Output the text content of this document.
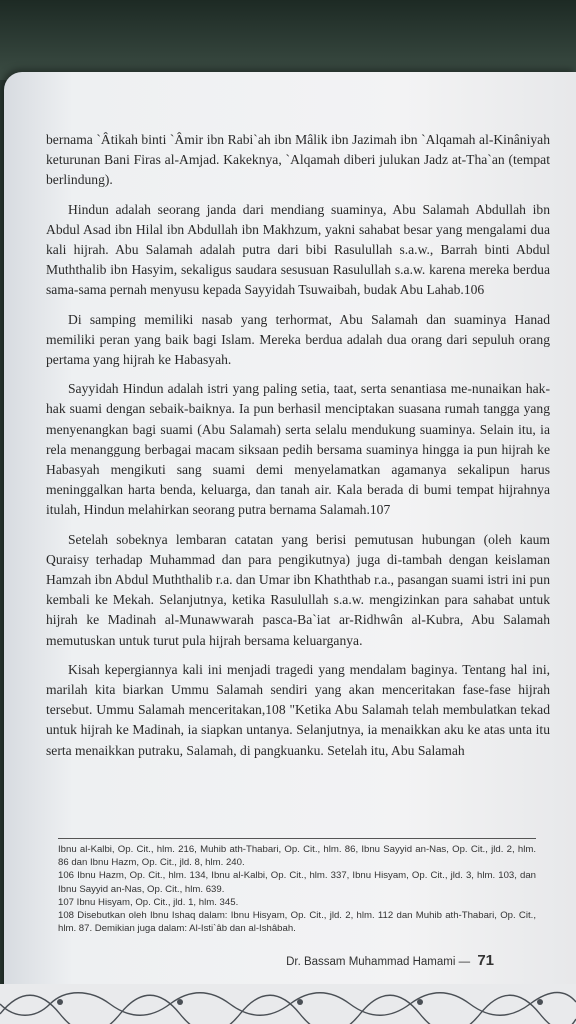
bernama `Âtikah binti `Âmir ibn Rabi`ah ibn Mâlik ibn Jazimah ibn `Alqamah al-Kinâniyah keturunan Bani Firas al-Amjad. Kakeknya, `Alqamah diberi julukan Jadz at-Tha`an (tempat berlindung).

Hindun adalah seorang janda dari mendiang suaminya, Abu Salamah Abdullah ibn Abdul Asad ibn Hilal ibn Abdullah ibn Makhzum, yakni sahabat besar yang mengalami dua kali hijrah. Abu Salamah adalah putra dari bibi Rasulullah s.a.w., Barrah binti Abdul Muththalib ibn Hasyim, sekaligus saudara sesusuan Rasulullah s.a.w. karena mereka berdua sama-sama pernah menyusu kepada Sayyidah Tsuwaibah, budak Abu Lahab.106

Di samping memiliki nasab yang terhormat, Abu Salamah dan suaminya Hanad memiliki peran yang baik bagi Islam. Mereka berdua adalah dua orang dari sepuluh orang pertama yang hijrah ke Habasyah.

Sayyidah Hindun adalah istri yang paling setia, taat, serta senantiasa me-nunaikan hak-hak suami dengan sebaik-baiknya. Ia pun berhasil menciptakan suasana rumah tangga yang menyenangkan bagi suami (Abu Salamah) serta selalu mendukung suaminya. Selain itu, ia rela menanggung berbagai macam siksaan pedih bersama suaminya hingga ia pun hijrah ke Habasyah mengikuti sang suami demi menyelamatkan agamanya sekalipun harus meninggalkan harta benda, keluarga, dan tanah air. Kala berada di bumi tempat hijrahnya itulah, Hindun melahirkan seorang putra bernama Salamah.107

Setelah sobeknya lembaran catatan yang berisi pemutusan hubungan (oleh kaum Quraisy terhadap Muhammad dan para pengikutnya) juga di-tambah dengan keislaman Hamzah ibn Abdul Muththalib r.a. dan Umar ibn Khaththab r.a., pasangan suami istri ini pun kembali ke Mekah. Selanjutnya, ketika Rasulullah s.a.w. mengizinkan para sahabat untuk hijrah ke Madinah al-Munawwarah pasca-Ba`iat ar-Ridhwân al-Kubra, Abu Salamah memutuskan untuk turut pula hijrah bersama keluarganya.

Kisah kepergiannya kali ini menjadi tragedi yang mendalam baginya. Tentang hal ini, marilah kita biarkan Ummu Salamah sendiri yang akan menceritakan fase-fase hijrah tersebut. Ummu Salamah menceritakan,108 "Ketika Abu Salamah telah membulatkan tekad untuk hijrah ke Madinah, ia siapkan untanya. Selanjutnya, ia menaikkan aku ke atas unta itu serta menaikkan putraku, Salamah, di pangkuanku. Setelah itu, Abu Salamah

Ibnu al-Kalbi, Op. Cit., hlm. 216, Muhib ath-Thabari, Op. Cit., hlm. 86, Ibnu Sayyid an-Nas, Op. Cit., jld. 2, hlm. 86 dan Ibnu Hazm, Op. Cit., jld. 8, hlm. 240.
106 Ibnu Hazm, Op. Cit., hlm. 134, Ibnu al-Kalbi, Op. Cit., hlm. 337, Ibnu Hisyam, Op. Cit., jld. 3, hlm. 103, dan Ibnu Sayyid an-Nas, Op. Cit., hlm. 639.
107 Ibnu Hisyam, Op. Cit., jld. 1, hlm. 345.
108 Disebutkan oleh Ibnu Ishaq dalam: Ibnu Hisyam, Op. Cit., jld. 2, hlm. 112 dan Muhib ath-Thabari, Op. Cit., hlm. 87. Demikian juga dalam: Al-Isti`âb dan al-Ishâbah.
Dr. Bassam Muhammad Hamami — 71
